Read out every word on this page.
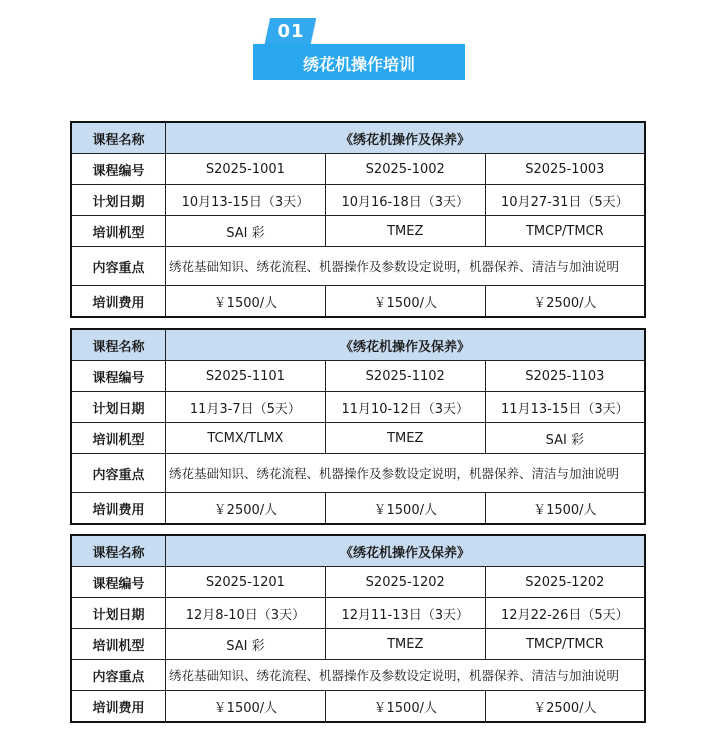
01
绣花机操作培训
课程名称	《绣花机操作及保养》		
课程编号	S2025-1001	S2025-1002	S2025-1003
计划日期	10月13-15日（3天）	10月16-18日（3天）	10月27-31日（5天）
培训机型	SAI 彩	TMEZ	TMCP/TMCR
内容重点	绣花基础知识、绣花流程、机器操作及参数设定说明，机器保养、清洁与加油说明		
培训费用	￥1500/人	￥1500/人	￥2500/人
课程名称	《绣花机操作及保养》		
课程编号	S2025-1101	S2025-1102	S2025-1103
计划日期	11月3-7日（5天）	11月10-12日（3天）	11月13-15日（3天）
培训机型	TCMX/TLMX	TMEZ	SAI 彩
内容重点	绣花基础知识、绣花流程、机器操作及参数设定说明，机器保养、清洁与加油说明		
培训费用	￥2500/人	￥1500/人	￥1500/人
课程名称	《绣花机操作及保养》		
课程编号	S2025-1201	S2025-1202	S2025-1202
计划日期	12月8-10日（3天）	12月11-13日（3天）	12月22-26日（5天）
培训机型	SAI 彩	TMEZ	TMCP/TMCR
内容重点	绣花基础知识、绣花流程、机器操作及参数设定说明，机器保养、清洁与加油说明		
培训费用	￥1500/人	￥1500/人	￥2500/人
